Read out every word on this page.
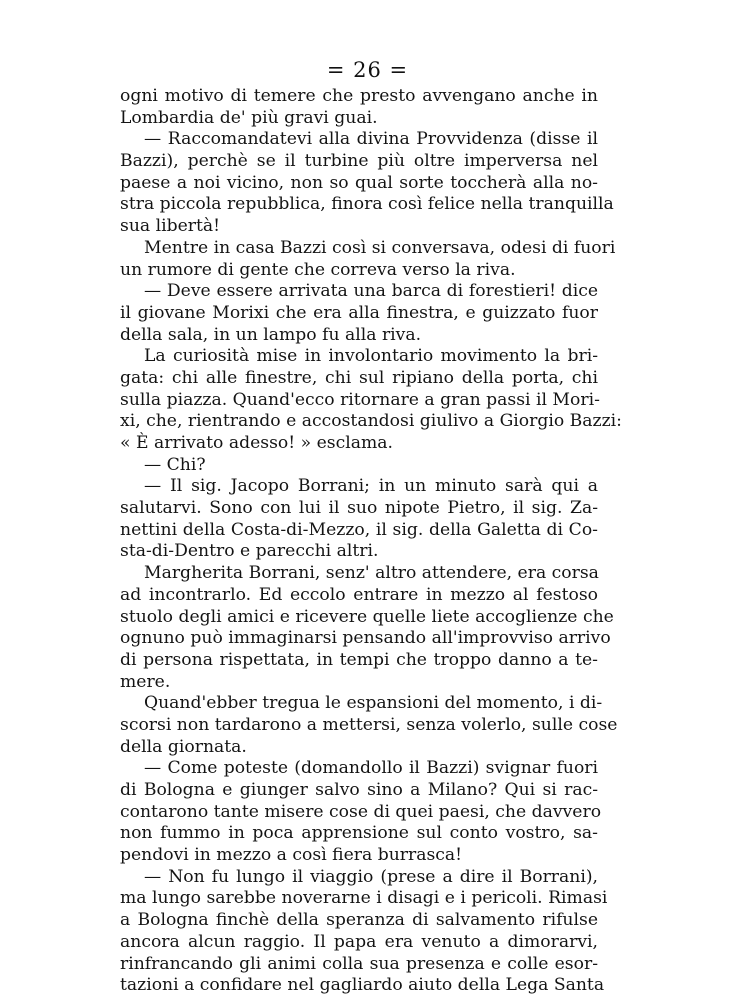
= 26 =
ogni motivo di temere che presto avvengano anche in
Lombardia de' più gravi guai.
— Raccomandatevi alla divina Provvidenza (disse il
Bazzi), perchè se il turbine più oltre imperversa nel
paese a noi vicino, non so qual sorte toccherà alla no-
stra piccola repubblica, finora così felice nella tranquilla
sua libertà!
Mentre in casa Bazzi così si conversava, odesi di fuori
un rumore di gente che correva verso la riva.
— Deve essere arrivata una barca di forestieri! dice
il giovane Morixi che era alla finestra, e guizzato fuor
della sala, in un lampo fu alla riva.
La curiosità mise in involontario movimento la bri-
gata: chi alle finestre, chi sul ripiano della porta, chi
sulla piazza. Quand'ecco ritornare a gran passi il Mori-
xi, che, rientrando e accostandosi giulivo a Giorgio Bazzi:
« È arrivato adesso! » esclama.
— Chi?
— Il sig. Jacopo Borrani; in un minuto sarà qui a
salutarvi. Sono con lui il suo nipote Pietro, il sig. Za-
nettini della Costa-di-Mezzo, il sig. della Galetta di Co-
sta-di-Dentro e parecchi altri.
Margherita Borrani, senz' altro attendere, era corsa
ad incontrarlo. Ed eccolo entrare in mezzo al festoso
stuolo degli amici e ricevere quelle liete accoglienze che
ognuno può immaginarsi pensando all'improvviso arrivo
di persona rispettata, in tempi che troppo danno a te-
mere.
Quand'ebber tregua le espansioni del momento, i di-
scorsi non tardarono a mettersi, senza volerlo, sulle cose
della giornata.
— Come poteste (domandollo il Bazzi) svignar fuori
di Bologna e giunger salvo sino a Milano? Qui si rac-
contarono tante misere cose di quei paesi, che davvero
non fummo in poca apprensione sul conto vostro, sa-
pendovi in mezzo a così fiera burrasca!
— Non fu lungo il viaggio (prese a dire il Borrani),
ma lungo sarebbe noverarne i disagi e i pericoli. Rimasi
a Bologna finchè della speranza di salvamento rifulse
ancora alcun raggio. Il papa era venuto a dimorarvi,
rinfrancando gli animi colla sua presenza e colle esor-
tazioni a confidare nel gagliardo aiuto della Lega Santa
